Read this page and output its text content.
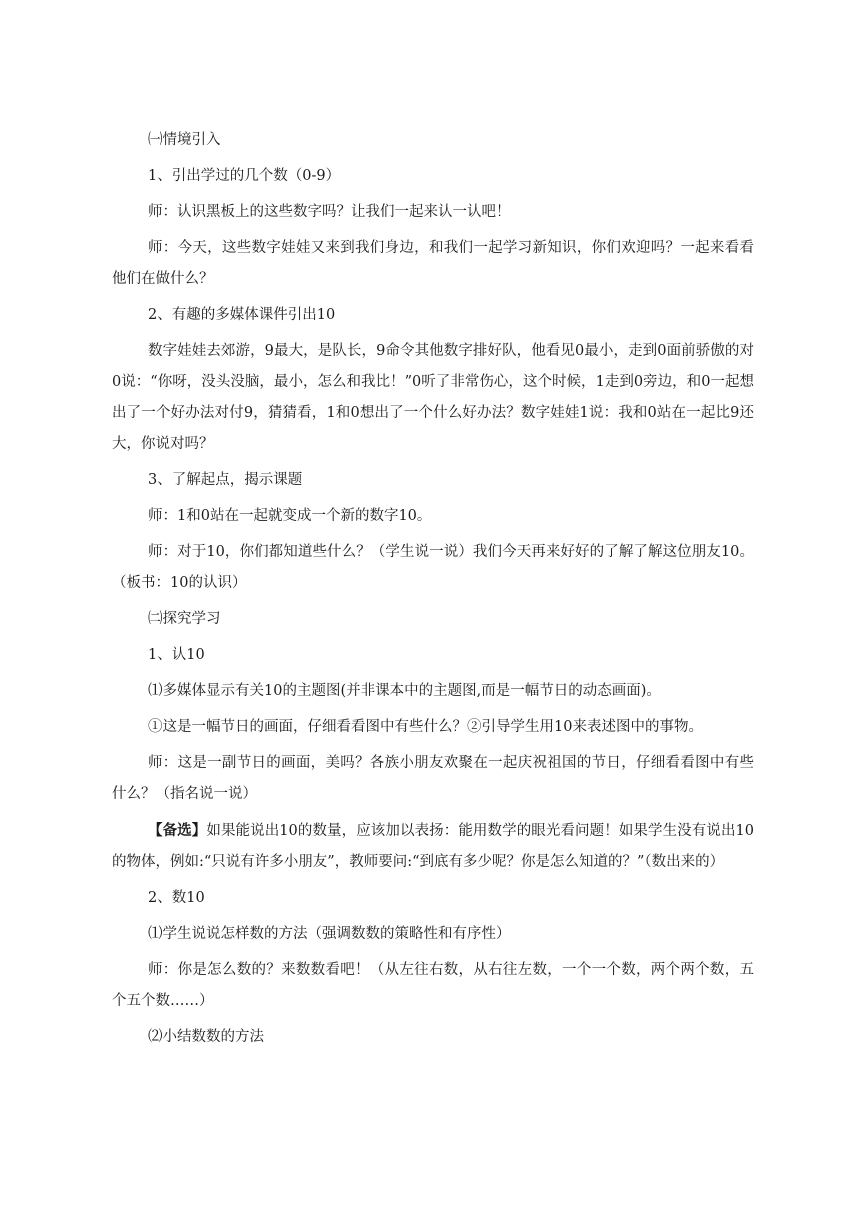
㈠情境引入

1、引出学过的几个数（0-9）

师：认识黑板上的这些数字吗？让我们一起来认一认吧！

师：今天，这些数字娃娃又来到我们身边，和我们一起学习新知识，你们欢迎吗？一起来看看他们在做什么？

2、有趣的多媒体课件引出10

数字娃娃去郊游，9最大，是队长，9命令其他数字排好队，他看见0最小，走到0面前骄傲的对0说：“你呀，没头没脑，最小，怎么和我比！”0听了非常伤心，这个时候，1走到0旁边，和0一起想出了一个好办法对付9，猜猜看，1和0想出了一个什么好办法？数字娃娃1说：我和0站在一起比9还大，你说对吗？

3、了解起点，揭示课题

师：1和0站在一起就变成一个新的数字10。

师：对于10，你们都知道些什么？（学生说一说）我们今天再来好好的了解了解这位朋友10。（板书：10的认识）

㈡探究学习

1、认10

⑴多媒体显示有关10的主题图(并非课本中的主题图,而是一幅节日的动态画面)。

①这是一幅节日的画面，仔细看看图中有些什么？②引导学生用10来表述图中的事物。

师：这是一副节日的画面，美吗？各族小朋友欢聚在一起庆祝祖国的节日，仔细看看图中有些什么？（指名说一说）

【备选】如果能说出10的数量，应该加以表扬：能用数学的眼光看问题！如果学生没有说出10的物体，例如:“只说有许多小朋友”，教师要问:“到底有多少呢？你是怎么知道的？”（数出来的）

2、数10

⑴学生说说怎样数的方法（强调数数的策略性和有序性）

师：你是怎么数的？来数数看吧！（从左往右数，从右往左数，一个一个数，两个两个数，五个五个数……）

⑵小结数数的方法
